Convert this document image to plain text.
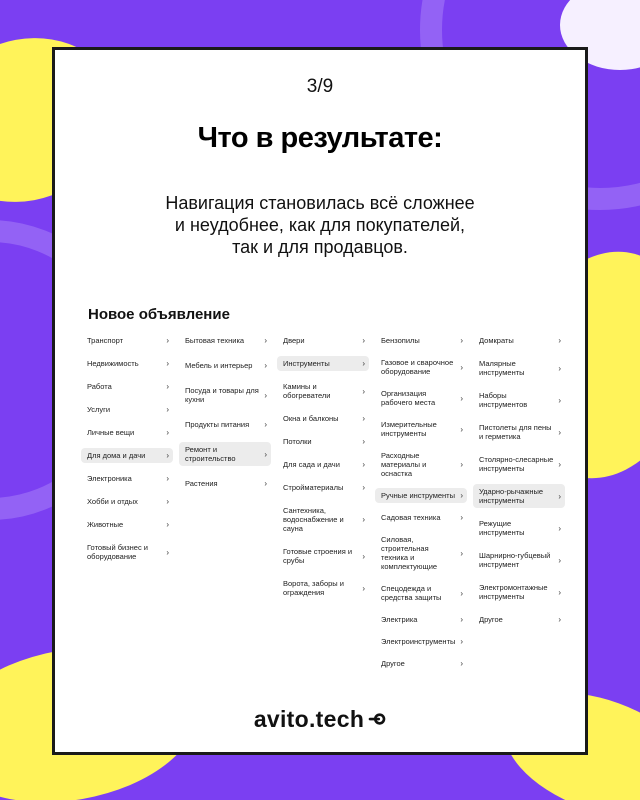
3/9
Что в результате:
Навигация становилась всё сложнее
и неудобнее, как для покупателей,
так и для продавцов.
Новое объявление
Транспорт	›
Недвижимость	›
Работа	›
Услуги	›
Личные вещи	›
Для дома и дачи	›
Электроника	›
Хобби и отдых	›
Животные	›
Готовый бизнес и оборудование	›
Бытовая техника	›
Мебель и интерьер ›
Посуда и товары для кухни	›
Продукты питания ›
Ремонт и строительство	›
Растения	›
Двери	›
Инструменты	›
Камины и обогреватели	›
Окна и балконы	›
Потолки	›
Для сада и дачи	›
Стройматериалы ›
Сантехника, водоснабжение и сауна
›
Готовые строения и срубы	›
Ворота, заборы и ограждения	›
Бензопилы	›
Газовое и сварочное оборудование	›
Организация рабочего места	›
Измерительные инструменты	›
Расходные материалы и оснастка
›
Ручные инструменты ›
Садовая техника ›
Силовая, строительная техника и комплектующие
›
Спецодежда и средства защиты	›
Электрика	›
Электроинструменты ›
Другое	›
Домкраты	›
Малярные инструменты	›
Наборы инструментов	›
Пистолеты для пены и герметика	›
Столярно-слесарные инструменты	›
Ударно-рычажные инструменты	›
Режущие инструменты	›
Шарнирно-губцевый инструмент	›
Электромонтажные инструменты	›
Другое	›
avito.tech
